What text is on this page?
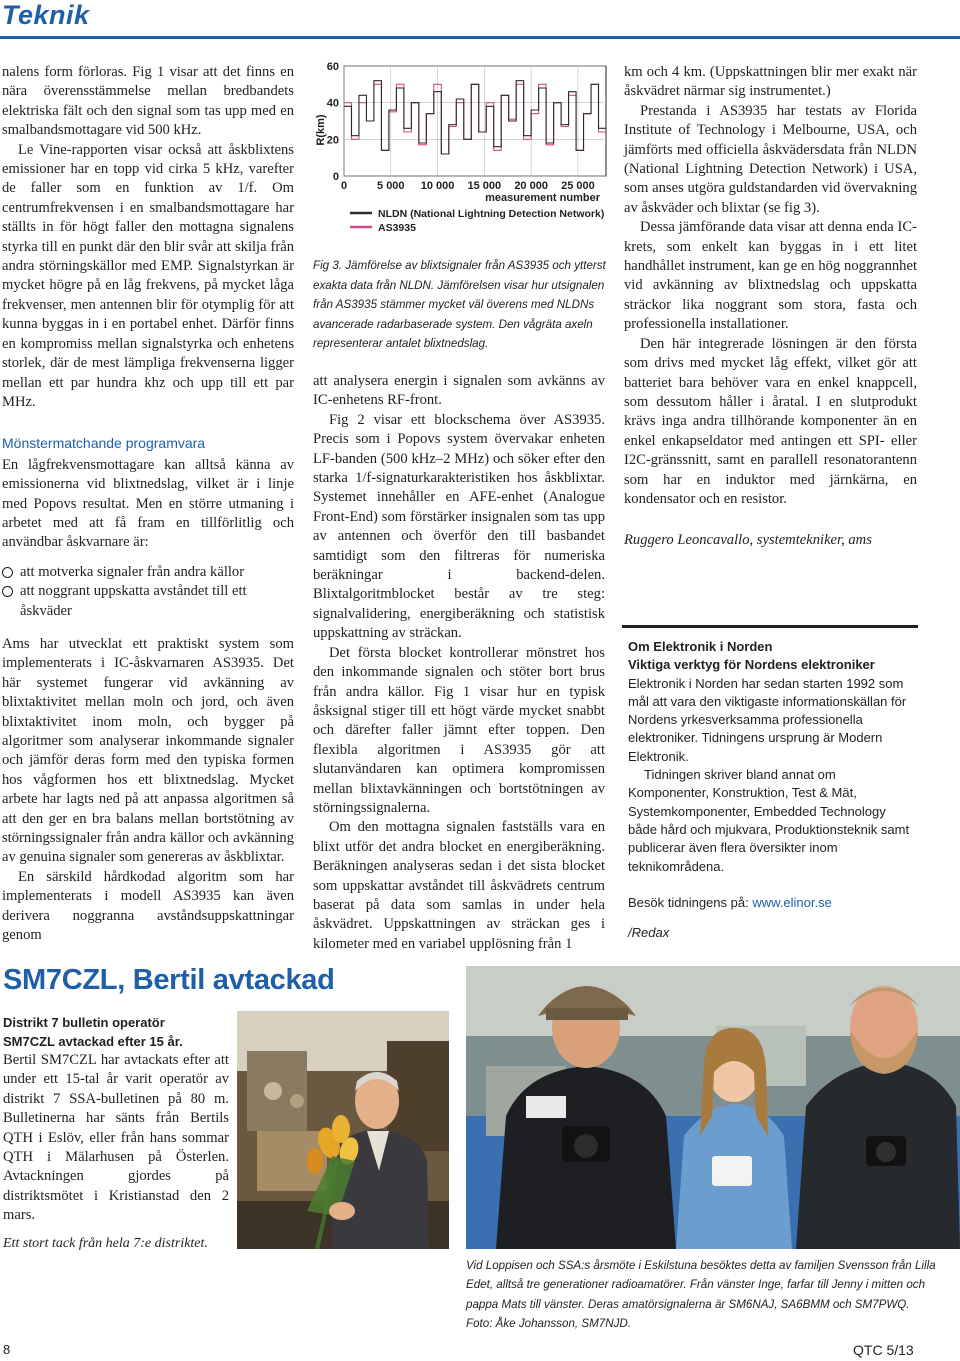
Teknik

nalens form förloras. Fig 1 visar att det finns en nära överensstämmelse mellan bredbandets elektriska fält och den signal som tas upp med en smalbandsmottagare vid 500 kHz.

Le Vine-rapporten visar också att åskblixtens emissioner har en topp vid cirka 5 kHz, varefter de faller som en funktion av 1/f. Om centrumfrekvensen i en smalbandsmottagare har ställts in för högt faller den mottagna signalens styrka till en punkt där den blir svår att skilja från andra störningskällor med EMP. Signalstyrkan är mycket högre på en låg frekvens, på mycket låga frekvenser, men antennen blir för otymplig för att kunna byggas in i en portabel enhet. Därför finns en kompromiss mellan signalstyrka och enhetens storlek, där de mest lämpliga frekvenserna ligger mellan ett par hundra khz och upp till ett par MHz.

Mönstermatchande programvara

En lågfrekvensmottagare kan alltså känna av emissionerna vid blixtnedslag, vilket är i linje med Popovs resultat. Men en större utmaning i arbetet med att få fram en tillförlitlig och användbar åskvarnare är:

att motverka signaler från andra källor
att noggrant uppskatta avståndet till ett åskväder

Ams har utvecklat ett praktiskt system som implementerats i IC-åskvarnaren AS3935. Det här systemet fungerar vid avkänning av blixtaktivitet mellan moln och jord, och även blixtaktivitet inom moln, och bygger på algoritmer som analyserar inkommande signaler och jämför deras form med den typiska formen hos vågformen hos ett blixtnedslag. Mycket arbete har lagts ned på att anpassa algoritmen så att den ger en bra balans mellan bortstötning av störningssignaler från andra källor och avkänning av genuina signaler som genereras av åskblixtar.

En särskild hårdkodad algoritm som har implementerats i modell AS3935 kan även derivera noggranna avståndsuppskattningar genom

R(km)
0
20
40
60
0	5 000 10 000 15 000 20 000 25 000
measurement number
NLDN (National Lightning Detection Network)
AS3935
Fig 3. Jämförelse av blixtsignaler från AS3935 och ytterst exakta data från NLDN. Jämförelsen visar hur utsignalen från AS3935 stämmer mycket väl överens med NLDNs avancerade radarbaserade system. Den vågräta axeln representerar antalet blixtnedslag.

att analysera energin i signalen som avkänns av IC-enhetens RF-front.

Fig 2 visar ett blockschema över AS3935. Precis som i Popovs system övervakar enheten LF-banden (500 kHz–2 MHz) och söker efter den starka 1/f-signaturkarakteristiken hos åskblixtar. Systemet innehåller en AFE-enhet (Analogue Front-End) som förstärker insignalen som tas upp av antennen och överför den till basbandet samtidigt som den filtreras för numeriska beräkningar i backend-delen. Blixtalgoritmblocket består av tre steg: signalvalidering, energiberäkning och statistisk uppskattning av sträckan.

Det första blocket kontrollerar mönstret hos den inkommande signalen och stöter bort brus från andra källor. Fig 1 visar hur en typisk åsksignal stiger till ett högt värde mycket snabbt och därefter faller jämnt efter toppen. Den flexibla algoritmen i AS3935 gör att slutanvändaren kan optimera kompromissen mellan blixtavkänningen och bortstötningen av störningssignalerna.

Om den mottagna signalen fastställs vara en blixt utför det andra blocket en energiberäkning. Beräkningen analyseras sedan i det sista blocket som uppskattar avståndet till åskvädrets centrum baserat på data som samlas in under hela åskvädret. Uppskattningen av sträckan ges i kilometer med en variabel upplösning från 1

km och 4 km. (Uppskattningen blir mer exakt när åskvädret närmar sig instrumentet.)

Prestanda i AS3935 har testats av Florida Institute of Technology i Melbourne, USA, och jämförts med officiella åskvädersdata från NLDN (National Lightning Detection Network) i USA, som anses utgöra guldstandarden vid övervakning av åskväder och blixtar (se fig 3).

Dessa jämförande data visar att denna enda IC-krets, som enkelt kan byggas in i ett litet handhållet instrument, kan ge en hög noggrannhet vid avkänning av blixtnedslag och uppskatta sträckor lika noggrant som stora, fasta och professionella installationer.

Den här integrerade lösningen är den första som drivs med mycket låg effekt, vilket gör att batteriet bara behöver vara en enkel knappcell, som dessutom håller i åratal. I en slutprodukt krävs inga andra tillhörande komponenter än en enkel enkapseldator med antingen ett SPI- eller I2C-gränssnitt, samt en parallell resonatorantenn som har en induktor med järnkärna, en kondensator och en resistor.

Ruggero Leoncavallo, systemtekniker, ams

Om Elektronik i Norden

Viktiga verktyg för Nordens elektroniker

Elektronik i Norden har sedan starten 1992 som mål att vara den viktigaste informationskällan för Nordens yrkesverksamma professionella elektroniker. Tidningens ursprung är Modern Elektronik.

Tidningen skriver bland annat om Komponenter, Konstruktion, Test & Mät, Systemkomponenter, Embedded Technology både hård och mjukvara, Produktionsteknik samt publicerar även flera översikter inom teknikområdena.

Besök tidningens på: www.elinor.se

/Redax

SM7CZL, Bertil avtackad

Distrikt 7 bulletin operatör

SM7CZL avtackad efter 15 år.

Bertil SM7CZL har avtackats efter att under ett 15-tal år varit operatör av distrikt 7 SSA-bulletinen på 80 m. Bulletinerna har sänts från Bertils QTH i Eslöv, eller från hans sommar QTH i Mälarhusen på Österlen. Avtackningen gjordes på distriktsmötet i Kristianstad den 2 mars.

Ett stort tack från hela 7:e distriktet.
Vid Loppisen och SSA:s årsmöte i Eskilstuna besöktes detta av familjen Svensson från Lilla Edet, alltså tre generationer radioamatörer. Från vänster Inge, farfar till Jenny i mitten och pappa Mats till vänster. Deras amatörsignalerna är SM6NAJ, SA6BMM och SM7PWQ. Foto: Åke Johansson, SM7NJD.
8	QTC 5/13
